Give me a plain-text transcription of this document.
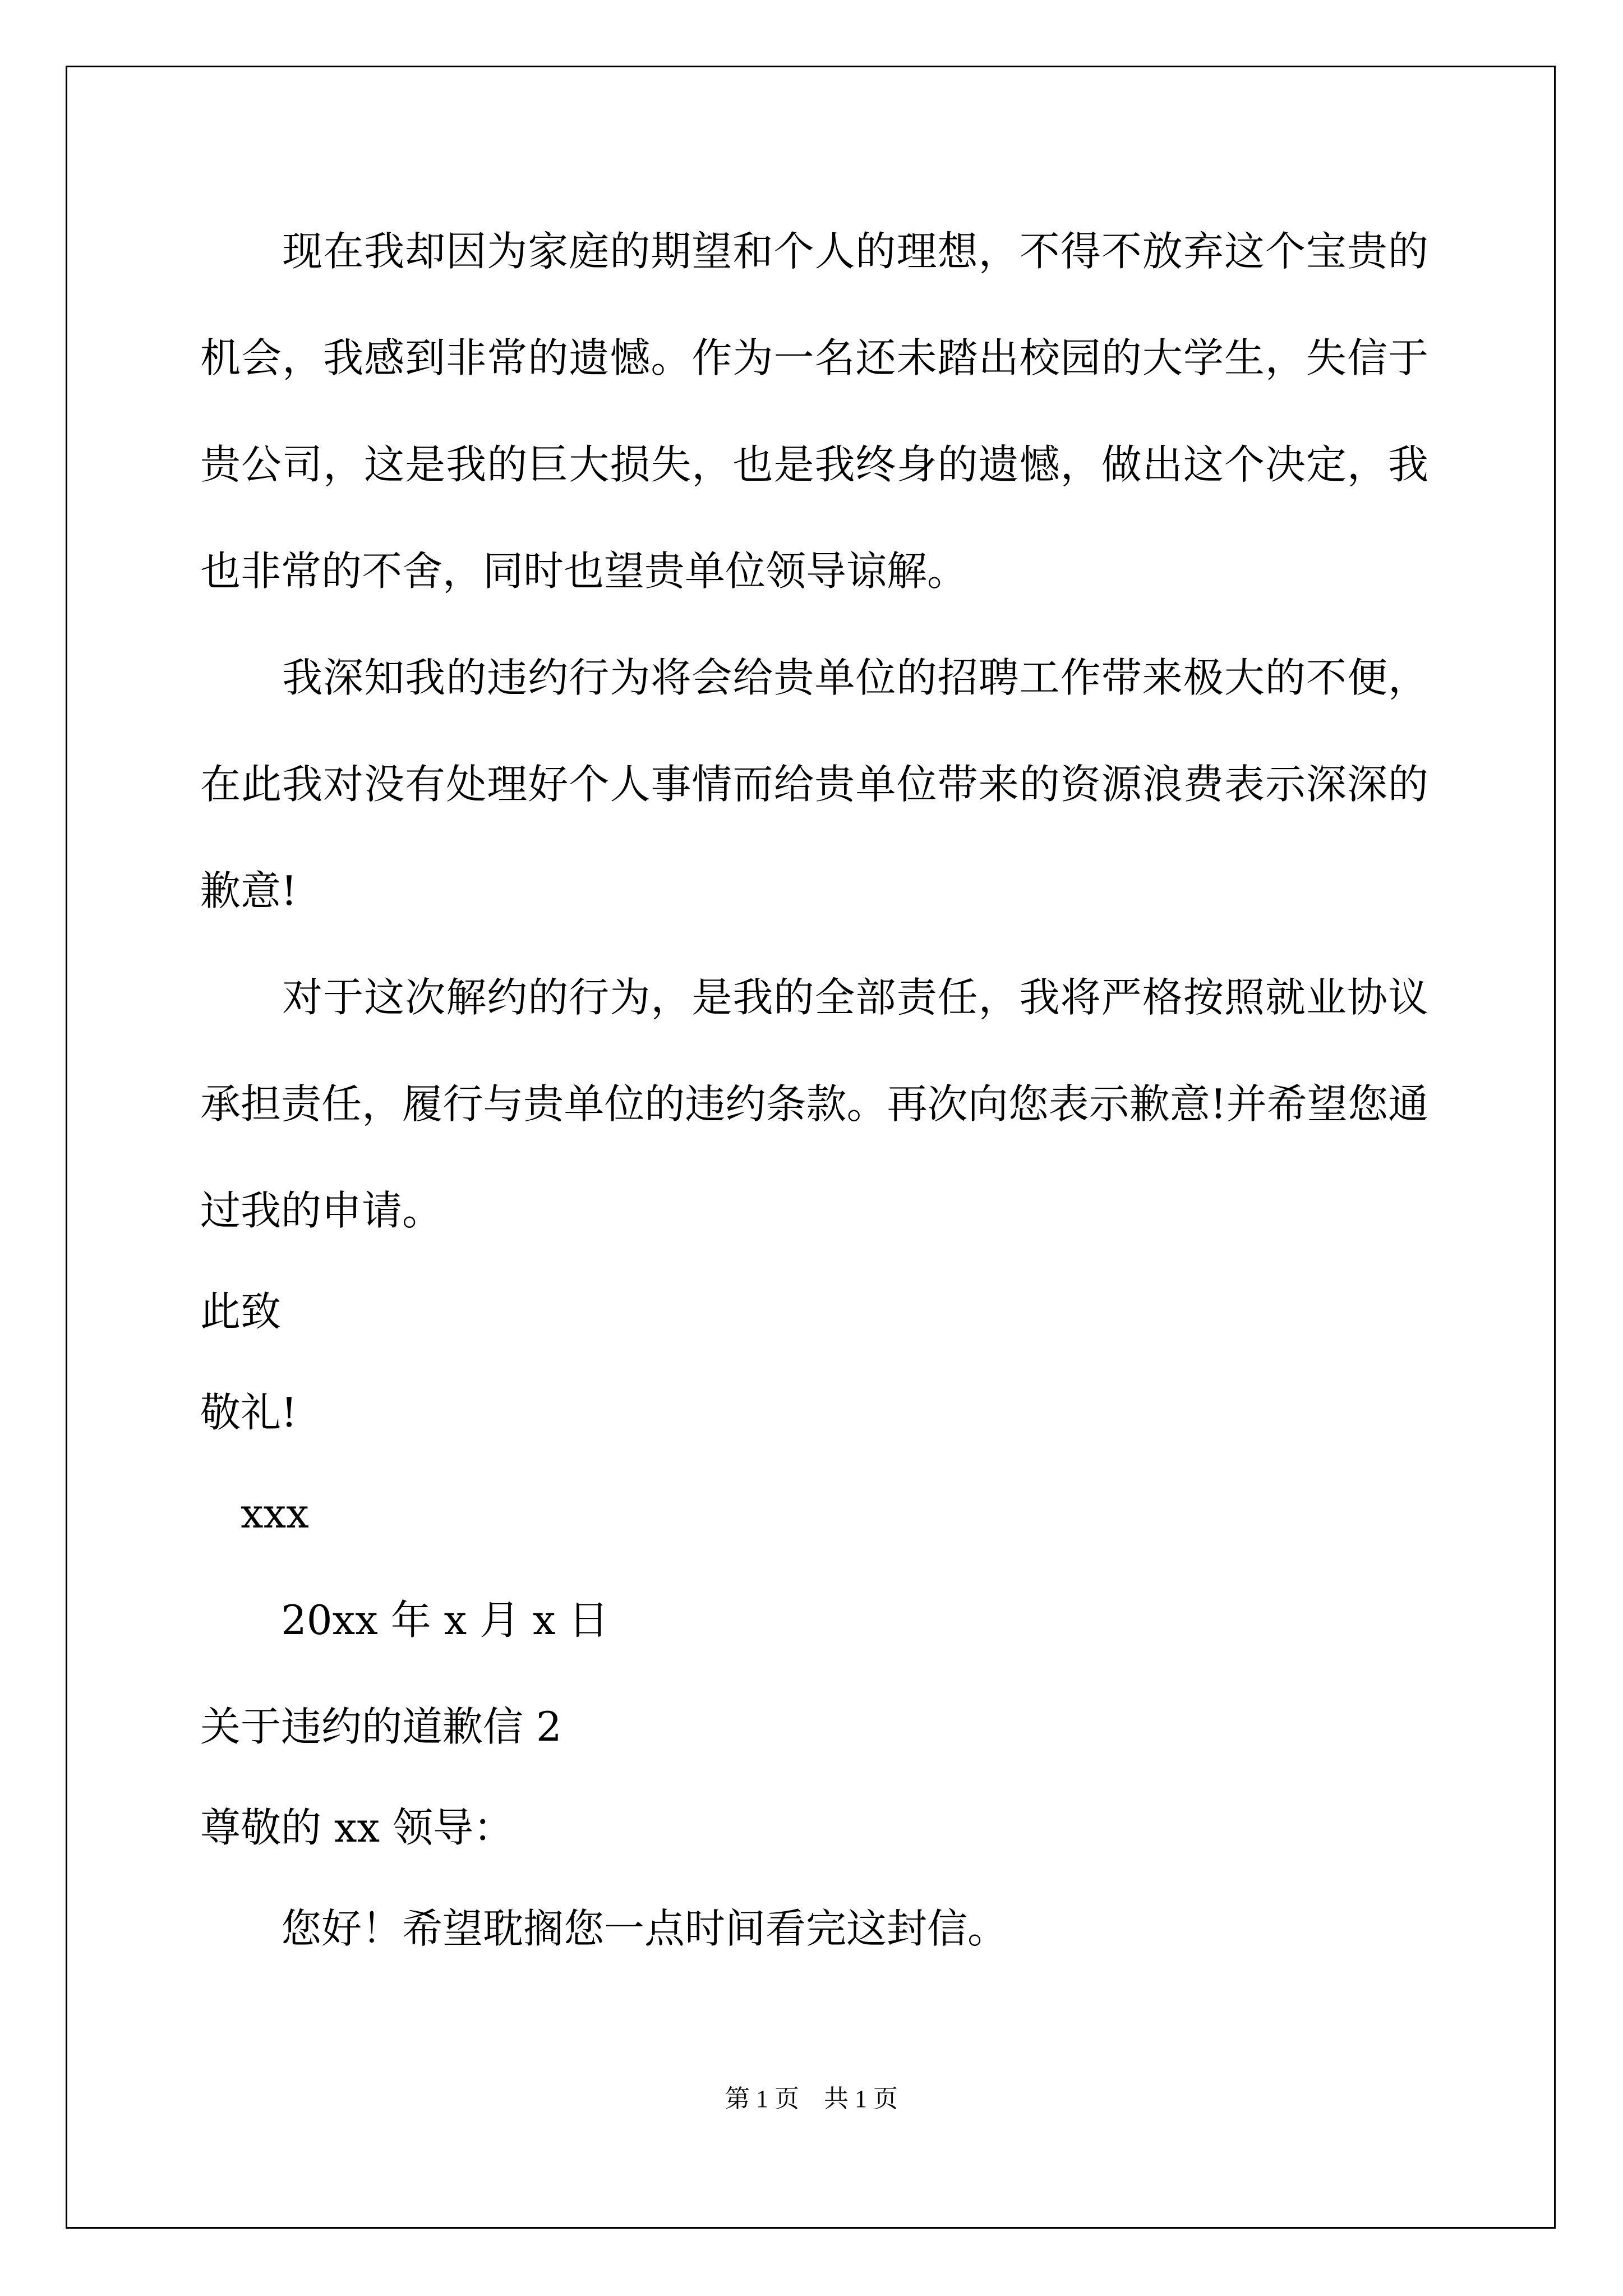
　　现在我却因为家庭的期望和个人的理想，不得不放弃这个宝贵的
机会，我感到非常的遗憾。作为一名还未踏出校园的大学生，失信于
贵公司，这是我的巨大损失，也是我终身的遗憾，做出这个决定，我
也非常的不舍，同时也望贵单位领导谅解。
　　我深知我的违约行为将会给贵单位的招聘工作带来极大的不便，
在此我对没有处理好个人事情而给贵单位带来的资源浪费表示深深的
歉意!
　　对于这次解约的行为，是我的全部责任，我将严格按照就业协议
承担责任，履行与贵单位的违约条款。再次向您表示歉意!并希望您通
过我的申请。
此致
敬礼!
　xxx
　　20xx 年 x 月 x 日
关于违约的道歉信 2
尊敬的 xx 领导：
　　您好！希望耽搁您一点时间看完这封信。
第 1 页　共 1 页
